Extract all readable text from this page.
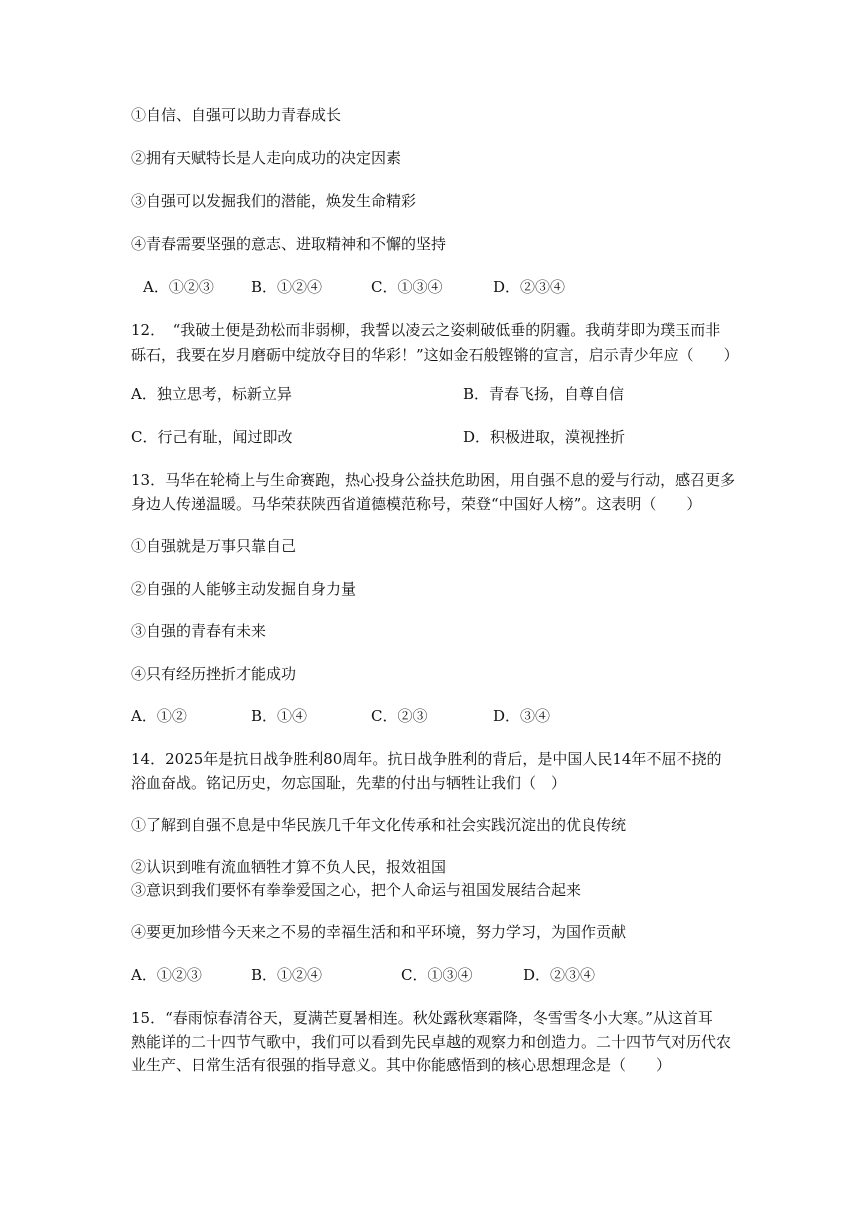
①自信、自强可以助力青春成长
②拥有天赋特长是人走向成功的决定因素
③自强可以发掘我们的潜能，焕发生命精彩
④青春需要坚强的意志、进取精神和不懈的坚持
A．①②③ B．①②④	C．①③④	D．②③④
12．　“我破土便是劲松而非弱柳，我誓以凌云之姿刺破低垂的阴霾。我萌芽即为璞玉而非
砾石，我要在岁月磨砺中绽放夺目的华彩！”这如金石般铿锵的宣言，启示青少年应（　　）
A．独立思考，标新立异	B．青春飞扬，自尊自信
C．行己有耻，闻过即改	D．积极进取，漠视挫折
13．马华在轮椅上与生命赛跑，热心投身公益扶危助困，用自强不息的爱与行动，感召更多
身边人传递温暖。马华荣获陕西省道德模范称号，荣登“中国好人榜”。这表明（　　）
①自强就是万事只靠自己
②自强的人能够主动发掘自身力量
③自强的青春有未来
④只有经历挫折才能成功
A．①②	B．①④	C．②③	D．③④
14．2025年是抗日战争胜利80周年。抗日战争胜利的背后，是中国人民14年不屈不挠的
浴血奋战。铭记历史，勿忘国耻，先辈的付出与牺牲让我们（　）
①了解到自强不息是中华民族几千年文化传承和社会实践沉淀出的优良传统
②认识到唯有流血牺牲才算不负人民，报效祖国
③意识到我们要怀有拳拳爱国之心，把个人命运与祖国发展结合起来
④要更加珍惜今天来之不易的幸福生活和和平环境，努力学习，为国作贡献
A．①②③	B．①②④	C．①③④	D．②③④
15．“春雨惊春清谷天，夏满芒夏暑相连。秋处露秋寒霜降，冬雪雪冬小大寒。”从这首耳
熟能详的二十四节气歌中，我们可以看到先民卓越的观察力和创造力。二十四节气对历代农
业生产、日常生活有很强的指导意义。其中你能感悟到的核心思想理念是（　　）
